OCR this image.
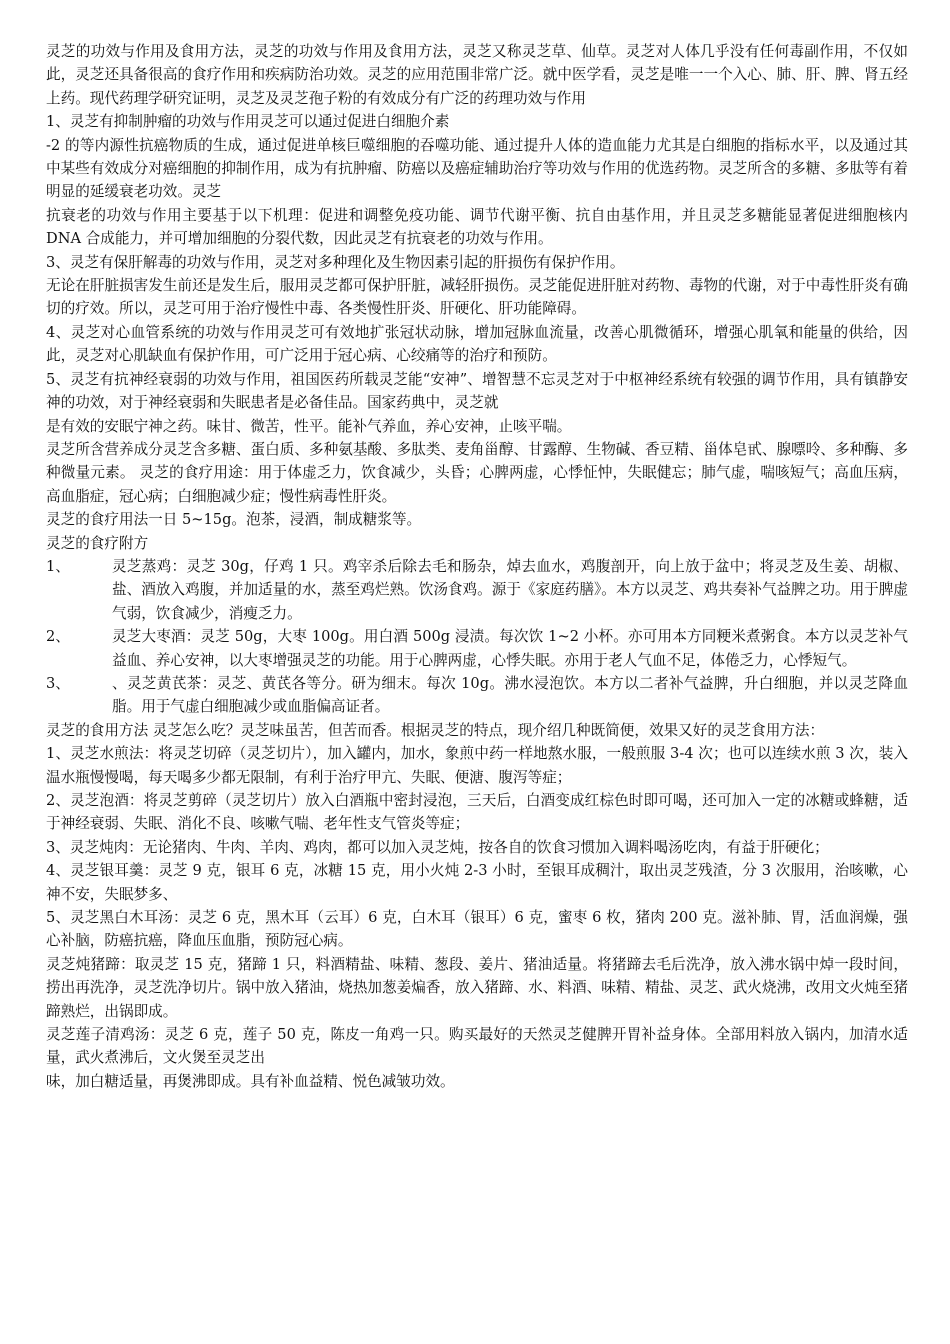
灵芝的功效与作用及食用方法，灵芝的功效与作用及食用方法，灵芝又称灵芝草、仙草。灵芝对人体几乎没有任何毒副作用，不仅如此，灵芝还具备很高的食疗作用和疾病防治功效。灵芝的应用范围非常广泛。就中医学看，灵芝是唯一一个入心、肺、肝、脾、肾五经上药。现代药理学研究证明，灵芝及灵芝孢子粉的有效成分有广泛的药理功效与作用

1、灵芝有抑制肿瘤的功效与作用灵芝可以通过促进白细胞介素

-2 的等内源性抗癌物质的生成，通过促进单核巨噬细胞的吞噬功能、通过提升人体的造血能力尤其是白细胞的指标水平，以及通过其中某些有效成分对癌细胞的抑制作用，成为有抗肿瘤、防癌以及癌症辅助治疗等功效与作用的优选药物。灵芝所含的多糖、多肽等有着明显的延缓衰老功效。灵芝

抗衰老的功效与作用主要基于以下机理：促进和调整免疫功能、调节代谢平衡、抗自由基作用，并且灵芝多糖能显著促进细胞核内 DNA 合成能力，并可增加细胞的分裂代数，因此灵芝有抗衰老的功效与作用。

3、灵芝有保肝解毒的功效与作用，灵芝对多种理化及生物因素引起的肝损伤有保护作用。

无论在肝脏损害发生前还是发生后，服用灵芝都可保护肝脏，减轻肝损伤。灵芝能促进肝脏对药物、毒物的代谢，对于中毒性肝炎有确切的疗效。所以，灵芝可用于治疗慢性中毒、各类慢性肝炎、肝硬化、肝功能障碍。

4、灵芝对心血管系统的功效与作用灵芝可有效地扩张冠状动脉，增加冠脉血流量，改善心肌微循环，增强心肌氧和能量的供给，因此，灵芝对心肌缺血有保护作用，可广泛用于冠心病、心绞痛等的治疗和预防。

5、灵芝有抗神经衰弱的功效与作用，祖国医药所载灵芝能“安神”、增智慧不忘灵芝对于中枢神经系统有较强的调节作用，具有镇静安神的功效，对于神经衰弱和失眠患者是必备佳品。国家药典中，灵芝就

是有效的安眠宁神之药。味甘、微苦，性平。能补气养血，养心安神，止咳平喘。

灵芝所含营养成分灵芝含多糖、蛋白质、多种氨基酸、多肽类、麦角甾醇、甘露醇、生物碱、香豆精、甾体皂甙、腺嘌呤、多种酶、多种微量元素。 灵芝的食疗用途：用于体虚乏力，饮食减少，头昏；心脾两虚，心悸怔忡，失眠健忘；肺气虚，喘咳短气；高血压病，高血脂症，冠心病；白细胞减少症；慢性病毒性肝炎。

灵芝的食疗用法一日 5~15g。泡茶，浸酒，制成糖浆等。

灵芝的食疗附方

1、	灵芝蒸鸡：灵芝 30g，仔鸡 1 只。鸡宰杀后除去毛和肠杂，焯去血水，鸡腹剖开，向上放于盆中；将灵芝及生姜、胡椒、盐、酒放入鸡腹，并加适量的水，蒸至鸡烂熟。饮汤食鸡。源于《家庭药膳》。本方以灵芝、鸡共奏补气益脾之功。用于脾虚气弱，饮食减少，消瘦乏力。
2、	灵芝大枣酒：灵芝 50g，大枣 100g。用白酒 500g 浸渍。每次饮 1~2 小杯。亦可用本方同粳米煮粥食。本方以灵芝补气益血、养心安神，以大枣增强灵芝的功能。用于心脾两虚，心悸失眠。亦用于老人气血不足，体倦乏力，心悸短气。
3、	、灵芝黄芪茶：灵芝、黄芪各等分。研为细末。每次 10g。沸水浸泡饮。本方以二者补气益脾，升白细胞，并以灵芝降血脂。用于气虚白细胞减少或血脂偏高证者。

灵芝的食用方法 灵芝怎么吃？灵芝味虽苦，但苦而香。根据灵芝的特点，现介绍几种既简便，效果又好的灵芝食用方法：

1、灵芝水煎法：将灵芝切碎（灵芝切片），加入罐内，加水，象煎中药一样地熬水服，一般煎服 3-4 次；也可以连续水煎 3 次，装入温水瓶慢慢喝，每天喝多少都无限制，有利于治疗甲亢、失眠、便溏、腹泻等症；

2、灵芝泡酒：将灵芝剪碎（灵芝切片）放入白酒瓶中密封浸泡，三天后，白酒变成红棕色时即可喝，还可加入一定的冰糖或蜂糖，适于神经衰弱、失眠、消化不良、咳嗽气喘、老年性支气管炎等症；

3、灵芝炖肉：无论猪肉、牛肉、羊肉、鸡肉，都可以加入灵芝炖，按各自的饮食习惯加入调料喝汤吃肉，有益于肝硬化；

4、灵芝银耳羹：灵芝 9 克，银耳 6 克，冰糖 15 克，用小火炖 2-3 小时，至银耳成稠汁，取出灵芝残渣，分 3 次服用，治咳嗽，心神不安，失眠梦多、

5、灵芝黑白木耳汤：灵芝 6 克，黑木耳（云耳）6 克，白木耳（银耳）6 克，蜜枣 6 枚，猪肉 200 克。滋补肺、胃，活血润燥，强心补脑，防癌抗癌，降血压血脂，预防冠心病。

灵芝炖猪蹄：取灵芝 15 克，猪蹄 1 只，料酒精盐、味精、葱段、姜片、猪油适量。将猪蹄去毛后洗净，放入沸水锅中焯一段时间，捞出再洗净，灵芝洗净切片。锅中放入猪油，烧热加葱姜煸香，放入猪蹄、水、料酒、味精、精盐、灵芝、武火烧沸，改用文火炖至猪蹄熟烂，出锅即成。

灵芝莲子清鸡汤：灵芝 6 克，莲子 50 克，陈皮一角鸡一只。购买最好的天然灵芝健脾开胃补益身体。全部用料放入锅内，加清水适量，武火煮沸后，文火煲至灵芝出

味，加白糖适量，再煲沸即成。具有补血益精、悦色减皱功效。
